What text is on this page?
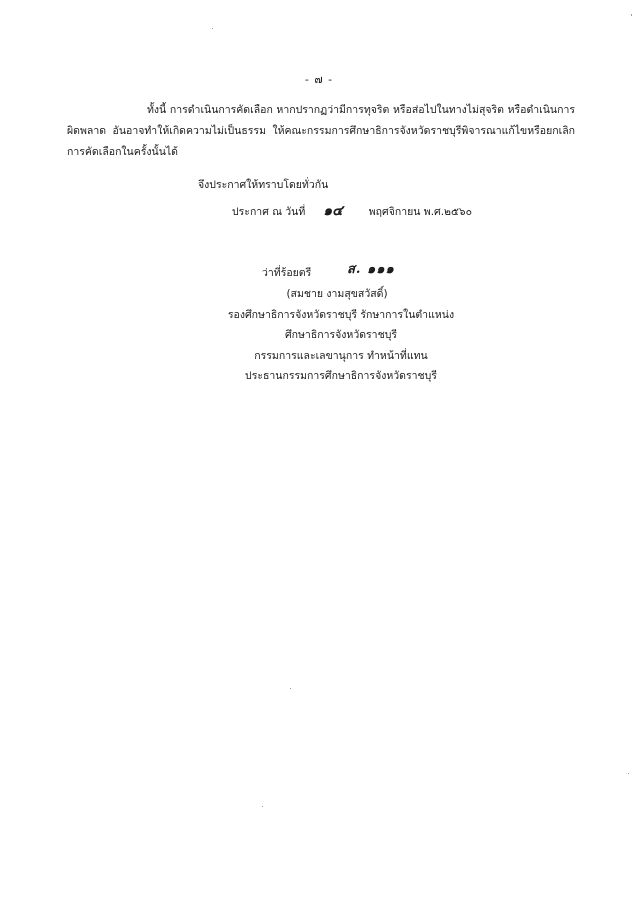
- ๗ -
ทั้งนี้ การดำเนินการคัดเลือก หากปรากฏว่ามีการทุจริต หรือส่อไปในทางไม่สุจริต หรือดำเนินการผิดพลาด อันอาจทำให้เกิดความไม่เป็นธรรม ให้คณะกรรมการศึกษาธิการจังหวัดราชบุรีพิจารณาแก้ไขหรือยกเลิกการคัดเลือกในครั้งนั้นได้
จึงประกาศให้ทราบโดยทั่วกัน
ประกาศ ณ วันที่ ๑๔ พฤศจิกายน พ.ศ.๒๕๖๐
ว่าที่ร้อยตรี	ส. ๑๑๑
(สมชาย งามสุขสวัสดิ์)
รองศึกษาธิการจังหวัดราชบุรี รักษาการในตำแหน่ง
ศึกษาธิการจังหวัดราชบุรี
กรรมการและเลขานุการ ทำหน้าที่แทน
ประธานกรรมการศึกษาธิการจังหวัดราชบุรี
